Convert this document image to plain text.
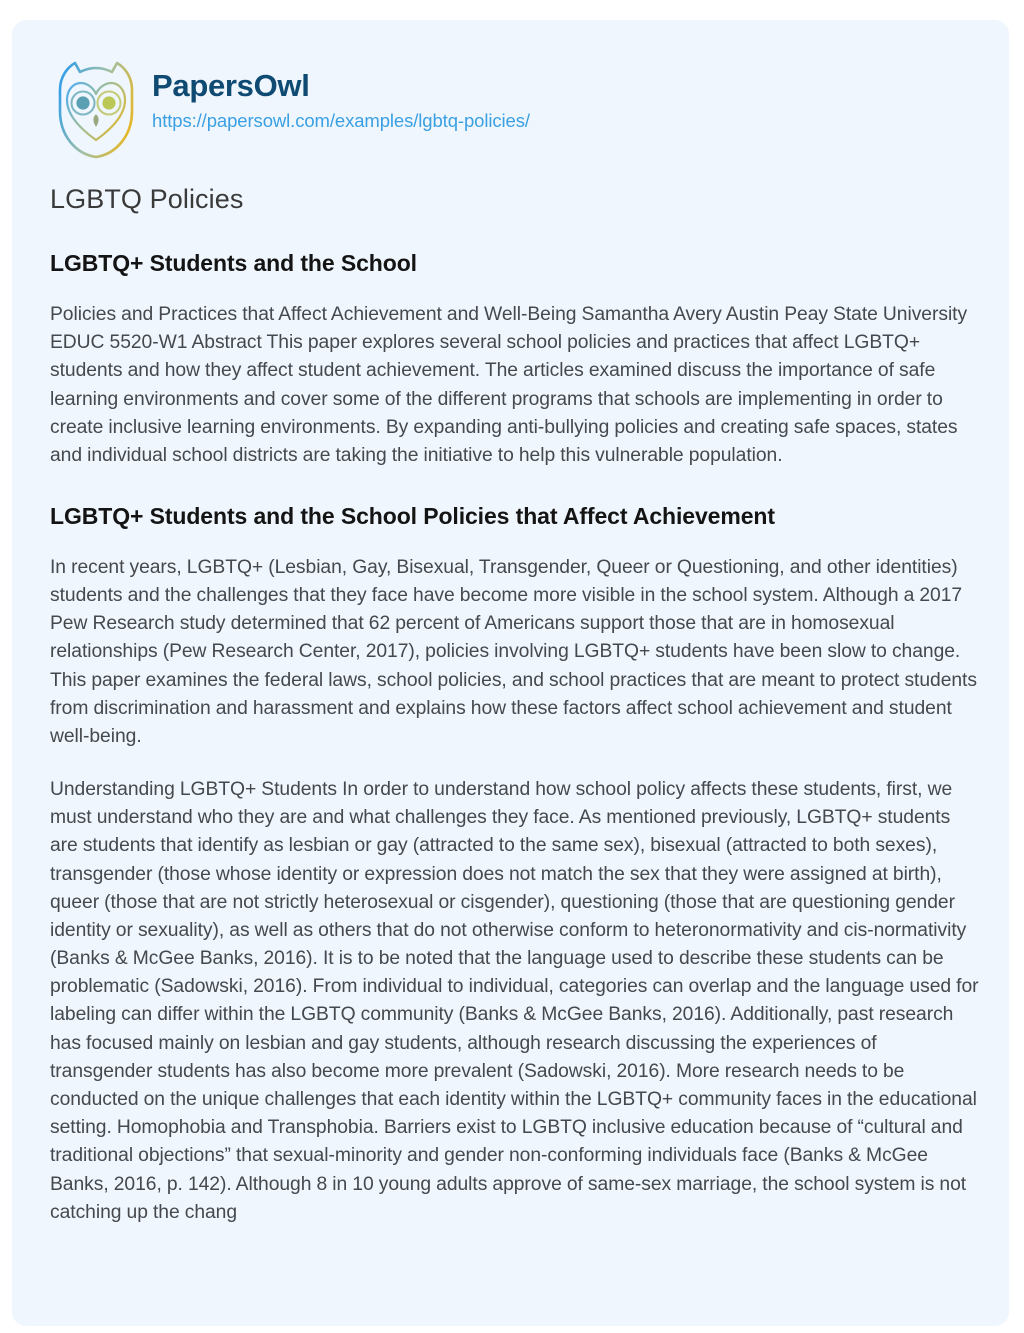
PapersOwl
https://papersowl.com/examples/lgbtq-policies/
LGBTQ Policies
LGBTQ+ Students and the School

Policies and Practices that Affect Achievement and Well-Being Samantha Avery Austin Peay State University EDUC 5520-W1 Abstract This paper explores several school policies and practices that affect LGBTQ+ students and how they affect student achievement. The articles examined discuss the importance of safe learning environments and cover some of the different programs that schools are implementing in order to create inclusive learning environments. By expanding anti-bullying policies and creating safe spaces, states and individual school districts are taking the initiative to help this vulnerable population.

LGBTQ+ Students and the School Policies that Affect Achievement

In recent years, LGBTQ+ (Lesbian, Gay, Bisexual, Transgender, Queer or Questioning, and other identities) students and the challenges that they face have become more visible in the school system. Although a 2017 Pew Research study determined that 62 percent of Americans support those that are in homosexual relationships (Pew Research Center, 2017), policies involving LGBTQ+ students have been slow to change. This paper examines the federal laws, school policies, and school practices that are meant to protect students from discrimination and harassment and explains how these factors affect school achievement and student well-being.

Understanding LGBTQ+ Students In order to understand how school policy affects these students, first, we must understand who they are and what challenges they face. As mentioned previously, LGBTQ+ students are students that identify as lesbian or gay (attracted to the same sex), bisexual (attracted to both sexes), transgender (those whose identity or expression does not match the sex that they were assigned at birth), queer (those that are not strictly heterosexual or cisgender), questioning (those that are questioning gender identity or sexuality), as well as others that do not otherwise conform to heteronormativity and cis-normativity (Banks & McGee Banks, 2016). It is to be noted that the language used to describe these students can be problematic (Sadowski, 2016). From individual to individual, categories can overlap and the language used for labeling can differ within the LGBTQ community (Banks & McGee Banks, 2016). Additionally, past research has focused mainly on lesbian and gay students, although research discussing the experiences of transgender students has also become more prevalent (Sadowski, 2016). More research needs to be conducted on the unique challenges that each identity within the LGBTQ+ community faces in the educational setting. Homophobia and Transphobia. Barriers exist to LGBTQ inclusive education because of “cultural and traditional objections” that sexual-minority and gender non-conforming individuals face (Banks & McGee Banks, 2016, p. 142). Although 8 in 10 young adults approve of same-sex marriage, the school system is not catching up the chang
